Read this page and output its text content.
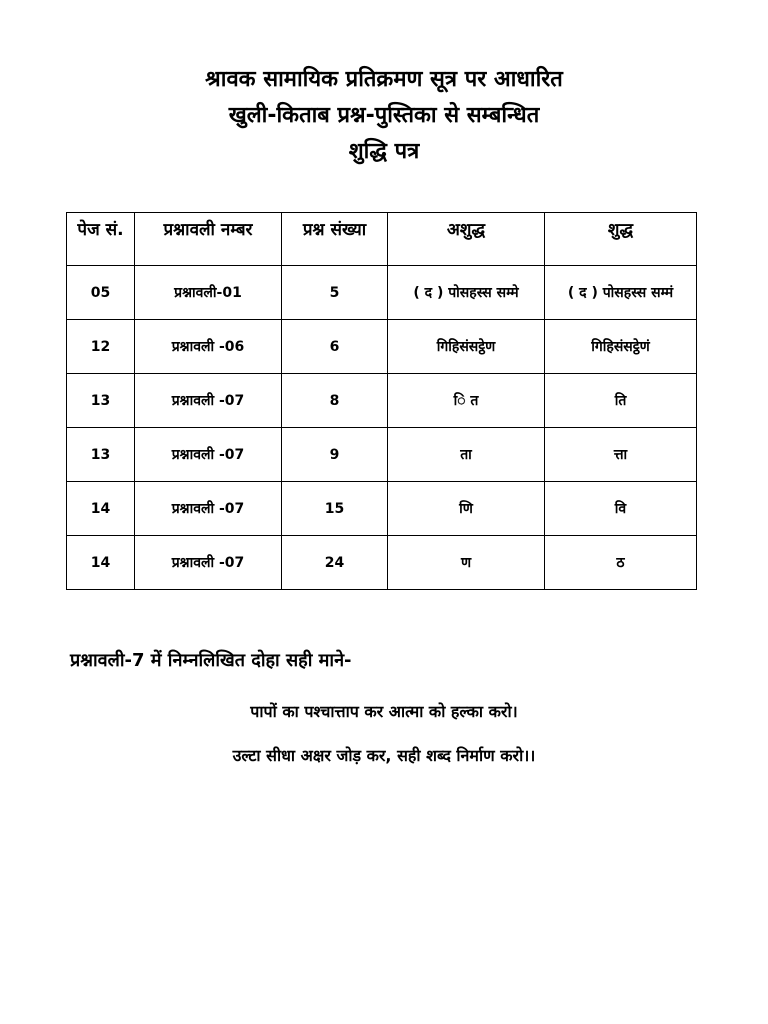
श्रावक सामायिक प्रतिक्रमण सूत्र पर आधारित
खुली-किताब प्रश्न-पुस्तिका से सम्बन्धित
शुद्धि पत्र
पेज सं.	प्रश्नावली नम्बर	प्रश्न संख्या	अशुद्ध	शुद्ध
05	प्रश्नावली-01	5	( द ) पोसहस्स सम्मे	( द ) पोसहस्स सम्मं
12	प्रश्नावली -06	6	गिहिसंसट्ठेण	गिहिसंसट्ठेणं
13	प्रश्नावली -07	8	ि त	ति
13	प्रश्नावली -07	9	ता	त्ता
14	प्रश्नावली -07	15	णि	वि
14	प्रश्नावली -07	24	ण	ठ
प्रश्नावली-7 में निम्नलिखित दोहा सही माने-
पापों का पश्चात्ताप कर आत्मा को हल्का करो।
उल्टा सीधा अक्षर जोड़ कर, सही शब्द निर्माण करो।।
